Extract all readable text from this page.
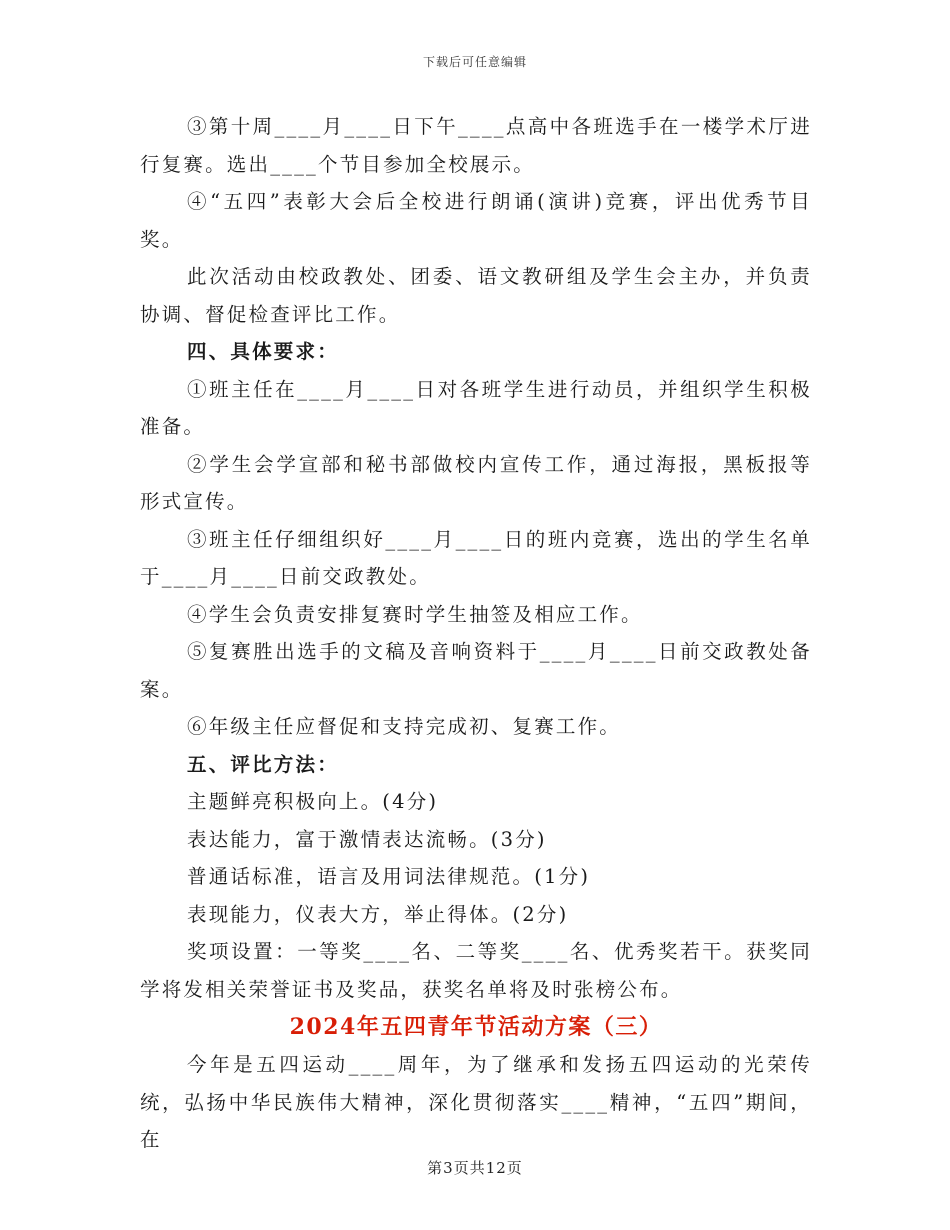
下载后可任意编辑

③第十周____月____日下午____点高中各班选手在一楼学术厅进行复赛。选出____个节目参加全校展示。

④“五四”表彰大会后全校进行朗诵(演讲)竞赛，评出优秀节目奖。

此次活动由校政教处、团委、语文教研组及学生会主办，并负责协调、督促检查评比工作。

四、具体要求：

①班主任在____月____日对各班学生进行动员，并组织学生积极准备。

②学生会学宣部和秘书部做校内宣传工作，通过海报，黑板报等形式宣传。

③班主任仔细组织好____月____日的班内竞赛，选出的学生名单于____月____日前交政教处。

④学生会负责安排复赛时学生抽签及相应工作。

⑤复赛胜出选手的文稿及音响资料于____月____日前交政教处备案。

⑥年级主任应督促和支持完成初、复赛工作。

五、评比方法：

主题鲜亮积极向上。(4分)

表达能力，富于激情表达流畅。(3分)

普通话标准，语言及用词法律规范。(1分)

表现能力，仪表大方，举止得体。(2分)

奖项设置：一等奖____名、二等奖____名、优秀奖若干。获奖同学将发相关荣誉证书及奖品，获奖名单将及时张榜公布。

2024年五四青年节活动方案（三）

今年是五四运动____周年，为了继承和发扬五四运动的光荣传统，弘扬中华民族伟大精神，深化贯彻落实____精神，“五四”期间，在

第3页共12页
